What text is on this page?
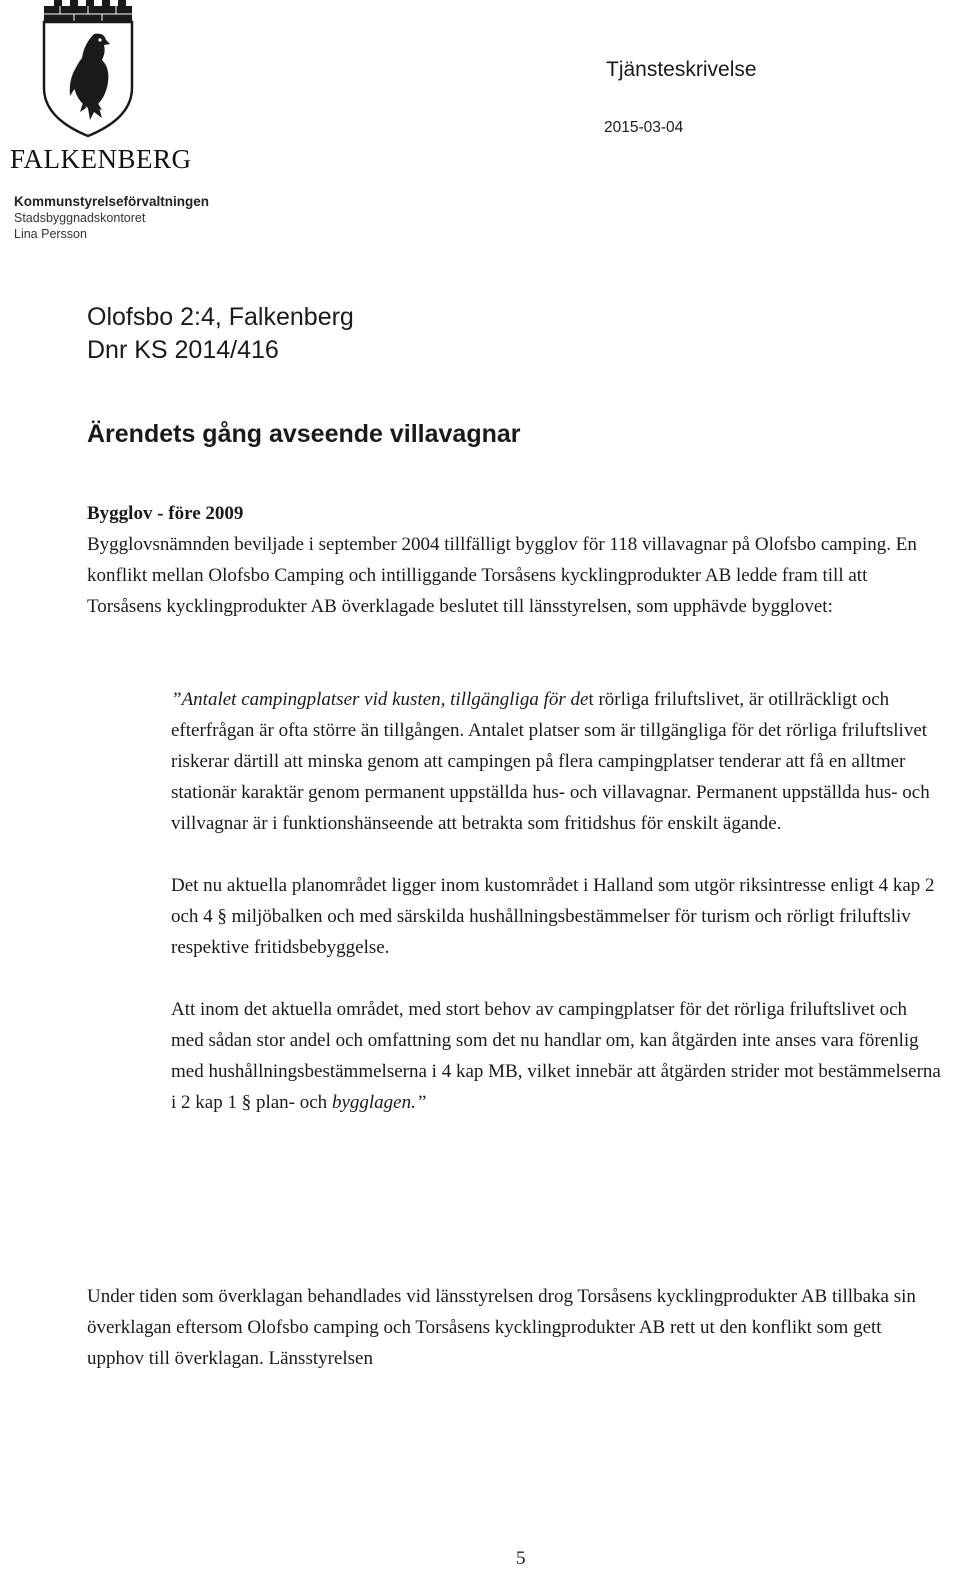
FALKENBERG
Kommunstyrelseförvaltningen
Stadsbyggnadskontoret
Lina Persson
Tjänsteskrivelse
2015-03-04
Olofsbo 2:4, Falkenberg
Dnr KS 2014/416
Ärendets gång avseende villavagnar
Bygglov - före 2009
Bygglovsnämnden beviljade i september 2004 tillfälligt bygglov för 118 villavagnar på Olofsbo camping. En konflikt mellan Olofsbo Camping och intilliggande Torsåsens kycklingprodukter AB ledde fram till att Torsåsens kycklingprodukter AB överklagade beslutet till länsstyrelsen, som upphävde bygglovet:

”Antalet campingplatser vid kusten, tillgängliga för det rörliga friluftslivet, är otillräckligt och efterfrågan är ofta större än tillgången. Antalet platser som är tillgängliga för det rörliga friluftslivet riskerar därtill att minska genom att campingen på flera campingplatser tenderar att få en alltmer stationär karaktär genom permanent uppställda hus- och villavagnar. Permanent uppställda hus- och villvagnar är i funktionshänseende att betrakta som fritidshus för enskilt ägande.

Det nu aktuella planområdet ligger inom kustområdet i Halland som utgör riksintresse enligt 4 kap 2 och 4 § miljöbalken och med särskilda hushållningsbestämmelser för turism och rörligt friluftsliv respektive fritidsbebyggelse.

Att inom det aktuella området, med stort behov av campingplatser för det rörliga friluftslivet och med sådan stor andel och omfattning som det nu handlar om, kan åtgärden inte anses vara förenlig med hushållningsbestämmelserna i 4 kap MB, vilket innebär att åtgärden strider mot bestämmelserna i 2 kap 1 § plan- och bygglagen.”

Under tiden som överklagan behandlades vid länsstyrelsen drog Torsåsens kycklingprodukter AB tillbaka sin överklagan eftersom Olofsbo camping och Torsåsens kycklingprodukter AB rett ut den konflikt som gett upphov till överklagan. Länsstyrelsen
5
